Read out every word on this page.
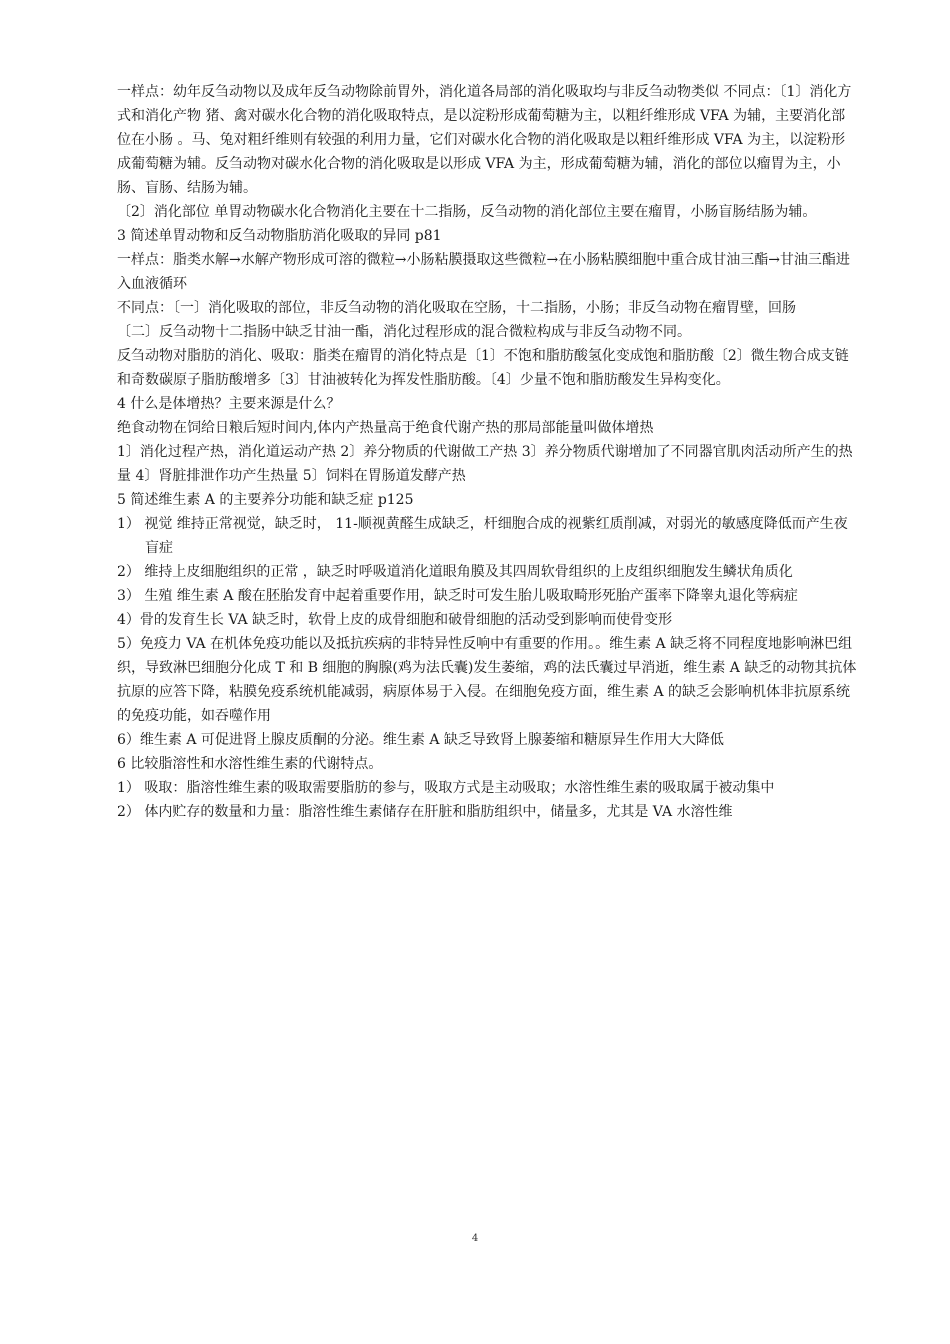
一样点：幼年反刍动物以及成年反刍动物除前胃外，消化道各局部的消化吸取均与非反刍动物类似 不同点：〔1〕消化方式和消化产物 猪、禽对碳水化合物的消化吸取特点，是以淀粉形成葡萄糖为主，以粗纤维形成 VFA 为辅，主要消化部位在小肠 。马、兔对粗纤维则有较强的利用力量，它们对碳水化合物的消化吸取是以粗纤维形成 VFA 为主，以淀粉形成葡萄糖为辅。反刍动物对碳水化合物的消化吸取是以形成 VFA 为主，形成葡萄糖为辅，消化的部位以瘤胃为主，小肠、盲肠、结肠为辅。

〔2〕消化部位 单胃动物碳水化合物消化主要在十二指肠，反刍动物的消化部位主要在瘤胃，小肠盲肠结肠为辅。

3 简述单胃动物和反刍动物脂肪消化吸取的异同 p81

一样点：脂类水解→水解产物形成可溶的微粒→小肠粘膜摄取这些微粒→在小肠粘膜细胞中重合成甘油三酯→甘油三酯进入血液循环

不同点：〔一〕消化吸取的部位，非反刍动物的消化吸取在空肠，十二指肠，小肠；非反刍动物在瘤胃壁，回肠

〔二〕反刍动物十二指肠中缺乏甘油一酯，消化过程形成的混合微粒构成与非反刍动物不同。

反刍动物对脂肪的消化、吸取：脂类在瘤胃的消化特点是〔1〕不饱和脂肪酸氢化变成饱和脂肪酸〔2〕微生物合成支链和奇数碳原子脂肪酸增多〔3〕甘油被转化为挥发性脂肪酸。〔4〕少量不饱和脂肪酸发生异构变化。

4 什么是体增热？主要来源是什么？

绝食动物在饲给日粮后短时间内,体内产热量高于绝食代谢产热的那局部能量叫做体增热

1〕消化过程产热，消化道运动产热 2〕养分物质的代谢做工产热 3〕养分物质代谢增加了不同器官肌肉活动所产生的热量 4〕肾脏排泄作功产生热量 5〕饲料在胃肠道发酵产热

5 简述维生素 A 的主要养分功能和缺乏症 p125

1） 视觉 维持正常视觉，缺乏时， 11-顺视黄醛生成缺乏，杆细胞合成的视紫红质削减，对弱光的敏感度降低而产生夜盲症

2） 维持上皮细胞组织的正常 ，缺乏时呼吸道消化道眼角膜及其四周软骨组织的上皮组织细胞发生鳞状角质化

3） 生殖 维生素 A 酸在胚胎发育中起着重要作用，缺乏时可发生胎儿吸取畸形死胎产蛋率下降睾丸退化等病症

4）骨的发育生长 VA 缺乏时，软骨上皮的成骨细胞和破骨细胞的活动受到影响而使骨变形

5）免疫力 VA 在机体免疫功能以及抵抗疾病的非特异性反响中有重要的作用。。维生素 A 缺乏将不同程度地影响淋巴组织，导致淋巴细胞分化成 T 和 B 细胞的胸腺(鸡为法氏囊)发生萎缩，鸡的法氏囊过早消逝，维生素 A 缺乏的动物其抗体抗原的应答下降，粘膜免疫系统机能减弱，病原体易于入侵。在细胞免疫方面，维生素 A 的缺乏会影响机体非抗原系统的免疫功能，如吞噬作用

6）维生素 A 可促进肾上腺皮质酮的分泌。维生素 A 缺乏导致肾上腺萎缩和糖原异生作用大大降低

6 比较脂溶性和水溶性维生素的代谢特点。

1） 吸取：脂溶性维生素的吸取需要脂肪的参与，吸取方式是主动吸取；水溶性维生素的吸取属于被动集中

2） 体内贮存的数量和力量：脂溶性维生素储存在肝脏和脂肪组织中，储量多，尤其是 VA 水溶性维

4
